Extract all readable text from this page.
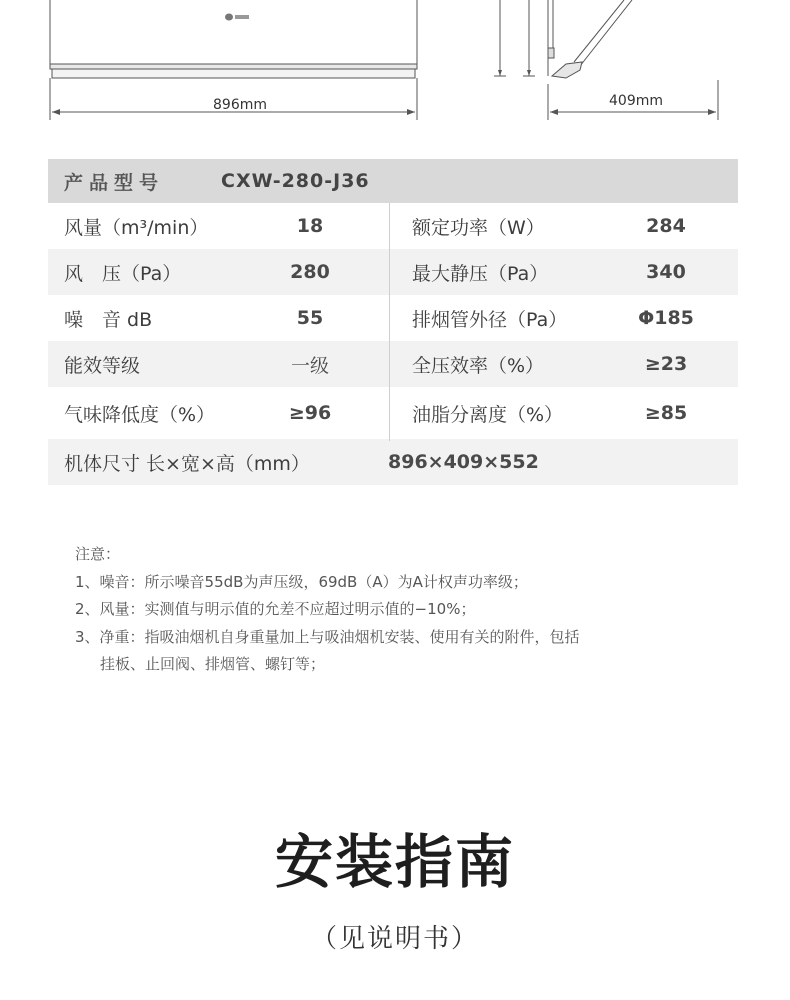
896mm	409mm
产品型号	CXW-280-J36
风量（m³/min）	18	额定功率（W）	284
风　压（Pa）	280	最大静压（Pa）	340
噪　音 dB	55	排烟管外径（Pa）	Φ185
能效等级	一级	全压效率（%）	≥23
气味降低度（%）	≥96	油脂分离度（%）	≥85
机体尺寸 长×宽×高（mm）	896×409×552

注意：

1、噪音：所示噪音55dB为声压级，69dB（A）为A计权声功率级；

2、风量：实测值与明示值的允差不应超过明示值的−10%；

3、净重：指吸油烟机自身重量加上与吸油烟机安装、使用有关的附件，包括

挂板、止回阀、排烟管、螺钉等；

安装指南
（见说明书）
